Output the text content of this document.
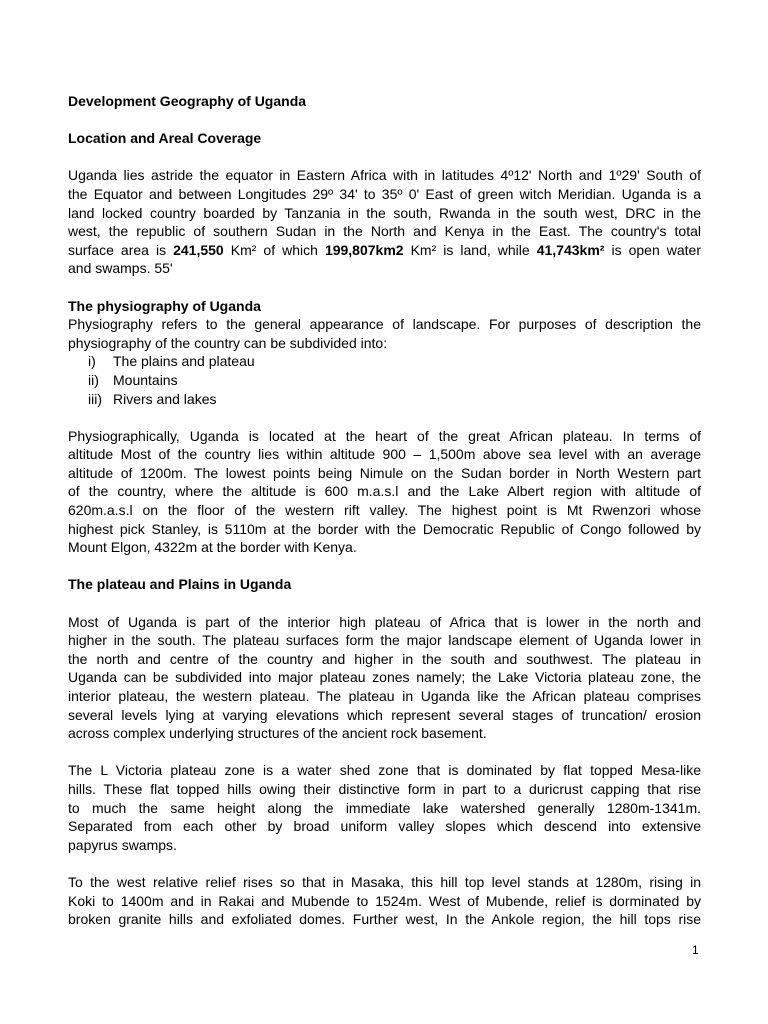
Development Geography of Uganda
Location and Areal Coverage
Uganda lies astride the equator in Eastern Africa with in latitudes 4º12' North and 1º29' South of
the Equator and between Longitudes 29º 34' to 35º 0' East of green witch Meridian. Uganda is a
land locked country boarded by Tanzania in the south, Rwanda in the south west, DRC in the
west, the republic of southern Sudan in the North and Kenya in the East. The country's total
surface area is 241,550 Km² of which 199,807km2 Km² is land, while 41,743km² is open water
and swamps. 55'
The physiography of Uganda
Physiography refers to the general appearance of landscape. For purposes of description the
physiography of the country can be subdivided into:
i) The plains and plateau
ii) Mountains
iii) Rivers and lakes
Physiographically, Uganda is located at the heart of the great African plateau. In terms of
altitude Most of the country lies within altitude 900 – 1,500m above sea level with an average
altitude of 1200m. The lowest points being Nimule on the Sudan border in North Western part
of the country, where the altitude is 600 m.a.s.l and the Lake Albert region with altitude of
620m.a.s.l on the floor of the western rift valley. The highest point is Mt Rwenzori whose
highest pick Stanley, is 5110m at the border with the Democratic Republic of Congo followed by
Mount Elgon, 4322m at the border with Kenya.
The plateau and Plains in Uganda
Most of Uganda is part of the interior high plateau of Africa that is lower in the north and
higher in the south. The plateau surfaces form the major landscape element of Uganda lower in
the north and centre of the country and higher in the south and southwest. The plateau in
Uganda can be subdivided into major plateau zones namely; the Lake Victoria plateau zone, the
interior plateau, the western plateau. The plateau in Uganda like the African plateau comprises
several levels lying at varying elevations which represent several stages of truncation/ erosion
across complex underlying structures of the ancient rock basement.
The L Victoria plateau zone is a water shed zone that is dominated by flat topped Mesa-like
hills. These flat topped hills owing their distinctive form in part to a duricrust capping that rise
to much the same height along the immediate lake watershed generally 1280m-1341m.
Separated from each other by broad uniform valley slopes which descend into extensive
papyrus swamps.
To the west relative relief rises so that in Masaka, this hill top level stands at 1280m, rising in
Koki to 1400m and in Rakai and Mubende to 1524m. West of Mubende, relief is dorminated by
broken granite hills and exfoliated domes. Further west, In the Ankole region, the hill tops rise
1
